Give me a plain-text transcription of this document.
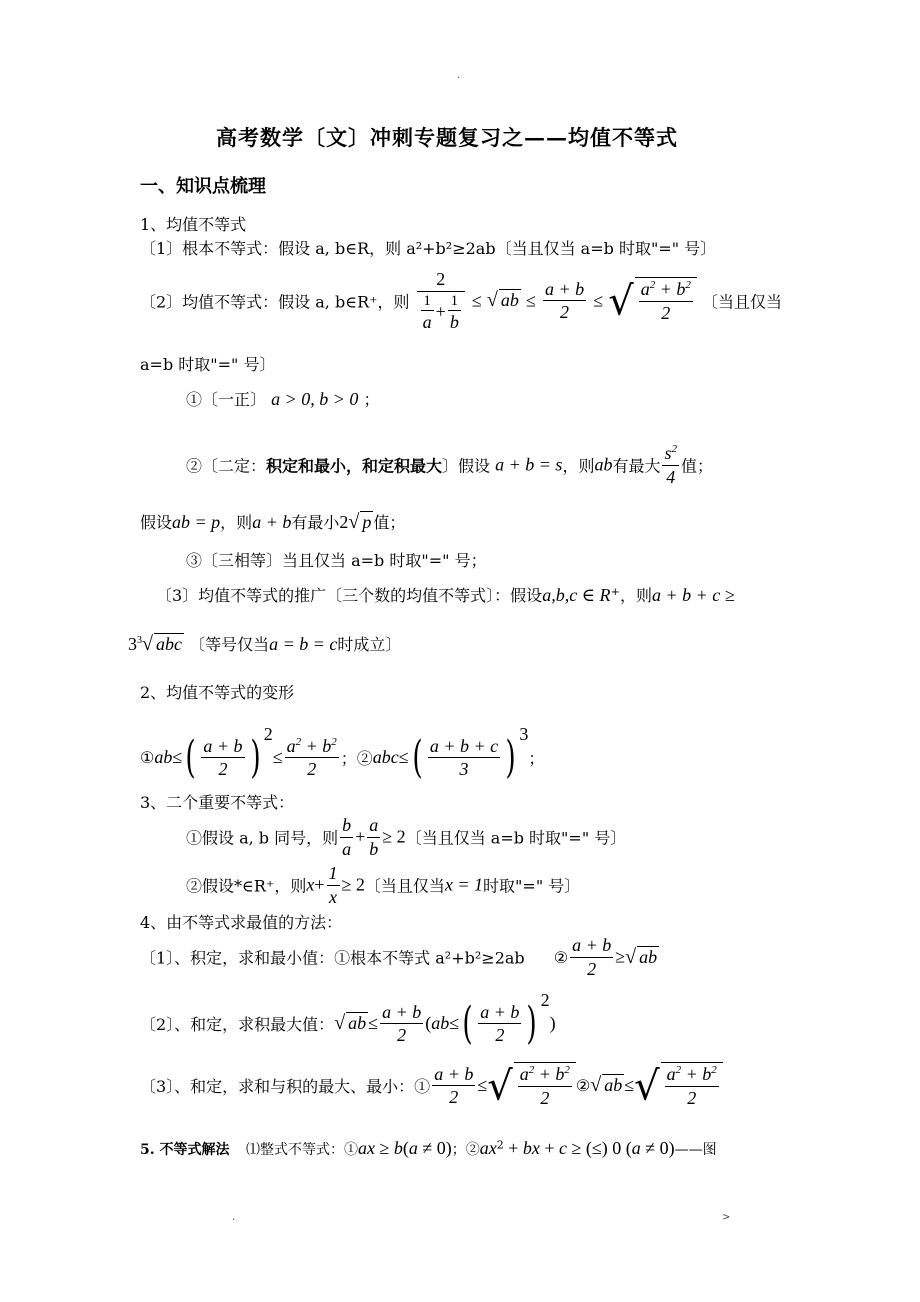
.
高考数学〔文〕冲刺专题复习之——均值不等式
一、知识点梳理
1、均值不等式
〔1〕根本不等式：假设 a, b∈R，则 a²+b²≥2ab〔当且仅当 a=b 时取"=" 号〕
〔2〕均值不等式：假设 a, b∈R⁺，则 $\frac{2}{\frac{1}{a} + \frac{1}{b}}$ ≤ √ ab ≤ $\frac{a + b}{2}$ ≤ √ $\frac{a^2 + b^2}{2}$ 〔当且仅当
a=b 时取"=" 号〕
①〔一正〕 a > 0, b > 0 ；
②〔二定：积定和最小，和定积最大〕假设 a + b = s，则ab有最大 $\frac{s^2}{4}$ 值；
假设ab = p，则a + b有最小2√ p 值；
③〔三相等〕当且仅当 a=b 时取"=" 号；
〔3〕均值不等式的推广〔三个数的均值不等式〕：假设a,b,c ∈ R⁺，则a + b + c ≥
$3^3√$ abc 〔等号仅当a = b = c时成立〕
2、均值不等式的变形
①ab≤( $\frac{a + b}{2}$ ) $^2\le \frac{a^2 + b^2}{2}$ ；②abc≤( $\frac{a + b + c}{3}$ ) $^3$；
3、二个重要不等式：
①假设 a, b 同号，则 $\frac{b}{a} + \frac{a}{b} \ge 2$〔当且仅当 a=b 时取"=" 号〕
②假设*∈R⁺，则$x+ \frac{1}{x} \ge 2$〔当且仅当x = 1时取"=" 号〕
4、由不等式求最值的方法：
〔1〕、积定，求和最小值：①根本不等式 a²+b²≥2ab ② $\frac{a + b}{2}$ ≥√ ab
〔2〕、和定，求积最大值：√ ab ≤ $\frac{a + b}{2} (ab\le( \frac{a + b}{2}$ ) $^2$)
〔3〕、和定，求和与积的最大、最小：① $\frac{a + b}{2}$ ≤√ $\frac{a^2 + b^2}{2}$ ②√ ab ≤√ $\frac{a^2 + b^2}{2}$
5. 不等式解法 ⑴整式不等式：①ax ≥ b(a ≠ 0)；$②ax^2$ + bx + c ≥ (≤) 0 (a ≠ 0)——图
.	>
